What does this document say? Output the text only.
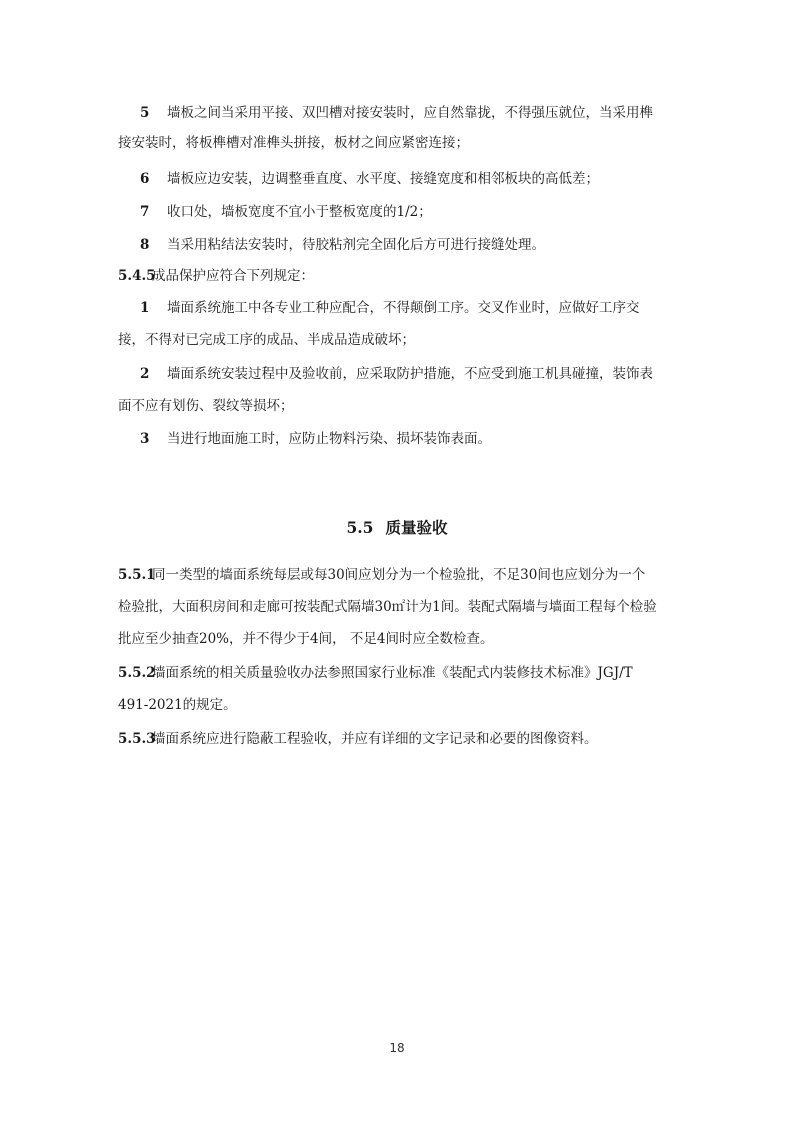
5 墙板之间当采用平接、双凹槽对接安装时，应自然靠拢，不得强压就位，当采用榫
接安装时，将板榫槽对准榫头拼接，板材之间应紧密连接；
6 墙板应边安装，边调整垂直度、水平度、接缝宽度和相邻板块的高低差；
7 收口处，墙板宽度不宜小于整板宽度的1/2；
8 当采用粘结法安装时，待胶粘剂完全固化后方可进行接缝处理。
5.4.5成品保护应符合下列规定：
1 墙面系统施工中各专业工种应配合，不得颠倒工序。交叉作业时，应做好工序交
接，不得对已完成工序的成品、半成品造成破坏；
2 墙面系统安装过程中及验收前，应采取防护措施，不应受到施工机具碰撞，装饰表
面不应有划伤、裂纹等损坏；
3 当进行地面施工时，应防止物料污染、损坏装饰表面。
5.5 质量验收
5.5.1同一类型的墙面系统每层或每30间应划分为一个检验批，不足30间也应划分为一个
检验批，大面积房间和走廊可按装配式隔墙30㎡计为1间。装配式隔墙与墙面工程每个检验
批应至少抽查20%，并不得少于4间， 不足4间时应全数检查。
5.5.2墙面系统的相关质量验收办法参照国家行业标准《装配式内装修技术标准》JGJ/T
491-2021的规定。
5.5.3墙面系统应进行隐蔽工程验收，并应有详细的文字记录和必要的图像资料。
18
